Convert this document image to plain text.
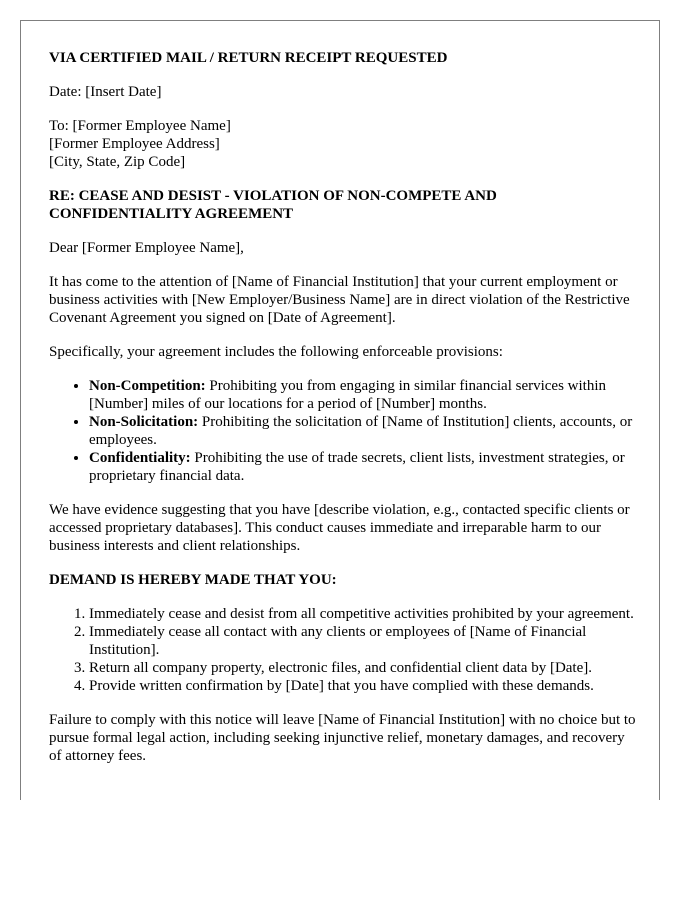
VIA CERTIFIED MAIL / RETURN RECEIPT REQUESTED

Date: [Insert Date]

To: [Former Employee Name]

[Former Employee Address]

[City, State, Zip Code]

RE: CEASE AND DESIST - VIOLATION OF NON-COMPETE AND CONFIDENTIALITY AGREEMENT

Dear [Former Employee Name],

It has come to the attention of [Name of Financial Institution] that your current employment or business activities with [New Employer/Business Name] are in direct violation of the Restrictive Covenant Agreement you signed on [Date of Agreement].

Specifically, your agreement includes the following enforceable provisions:

• Non-Competition: Prohibiting you from engaging in similar financial services within [Number] miles of our locations for a period of [Number] months.
• Non-Solicitation: Prohibiting the solicitation of [Name of Institution] clients, accounts, or employees.
• Confidentiality: Prohibiting the use of trade secrets, client lists, investment strategies, or proprietary financial data.

We have evidence suggesting that you have [describe violation, e.g., contacted specific clients or accessed proprietary databases]. This conduct causes immediate and irreparable harm to our business interests and client relationships.

DEMAND IS HEREBY MADE THAT YOU:

1. Immediately cease and desist from all competitive activities prohibited by your agreement.
2. Immediately cease all contact with any clients or employees of [Name of Financial Institution].
3. Return all company property, electronic files, and confidential client data by [Date].
4. Provide written confirmation by [Date] that you have complied with these demands.

Failure to comply with this notice will leave [Name of Financial Institution] with no choice but to pursue formal legal action, including seeking injunctive relief, monetary damages, and recovery of attorney fees.
